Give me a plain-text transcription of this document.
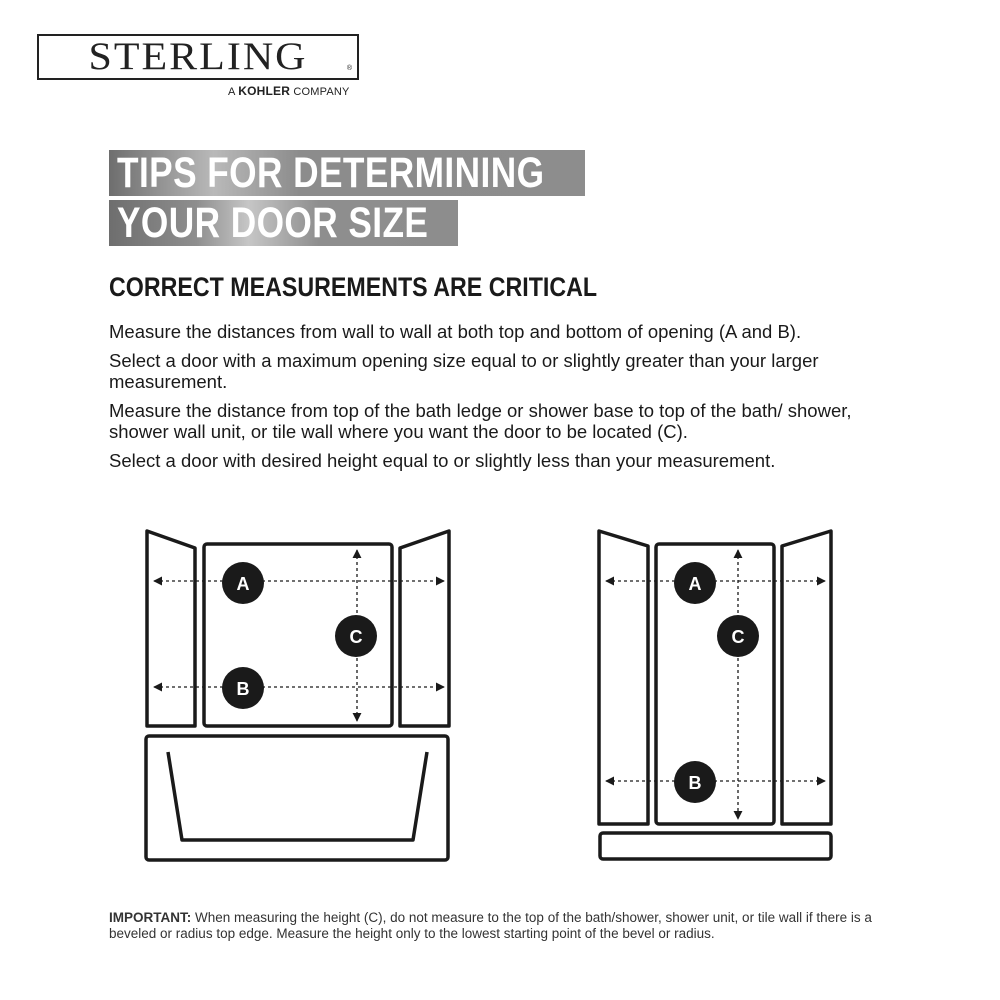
STERLING	®
A KOHLER COMPANY
TIPS FOR DETERMINING
YOUR DOOR SIZE
CORRECT MEASUREMENTS ARE CRITICAL
Measure the distances from wall to wall at both top and bottom of opening (A and B).
Select a door with a maximum opening size equal to or slightly greater than your larger measurement.
Measure the distance from top of the bath ledge or shower base to top of the bath/ shower, shower wall unit, or tile wall where you want the door to be located (C).
Select a door with desired height equal to or slightly less than your measurement.
A
C
B
A
C
B
IMPORTANT: When measuring the height (C), do not measure to the top of the bath/shower, shower unit, or tile wall if there is a beveled or radius top edge. Measure the height only to the lowest starting point of the bevel or radius.
